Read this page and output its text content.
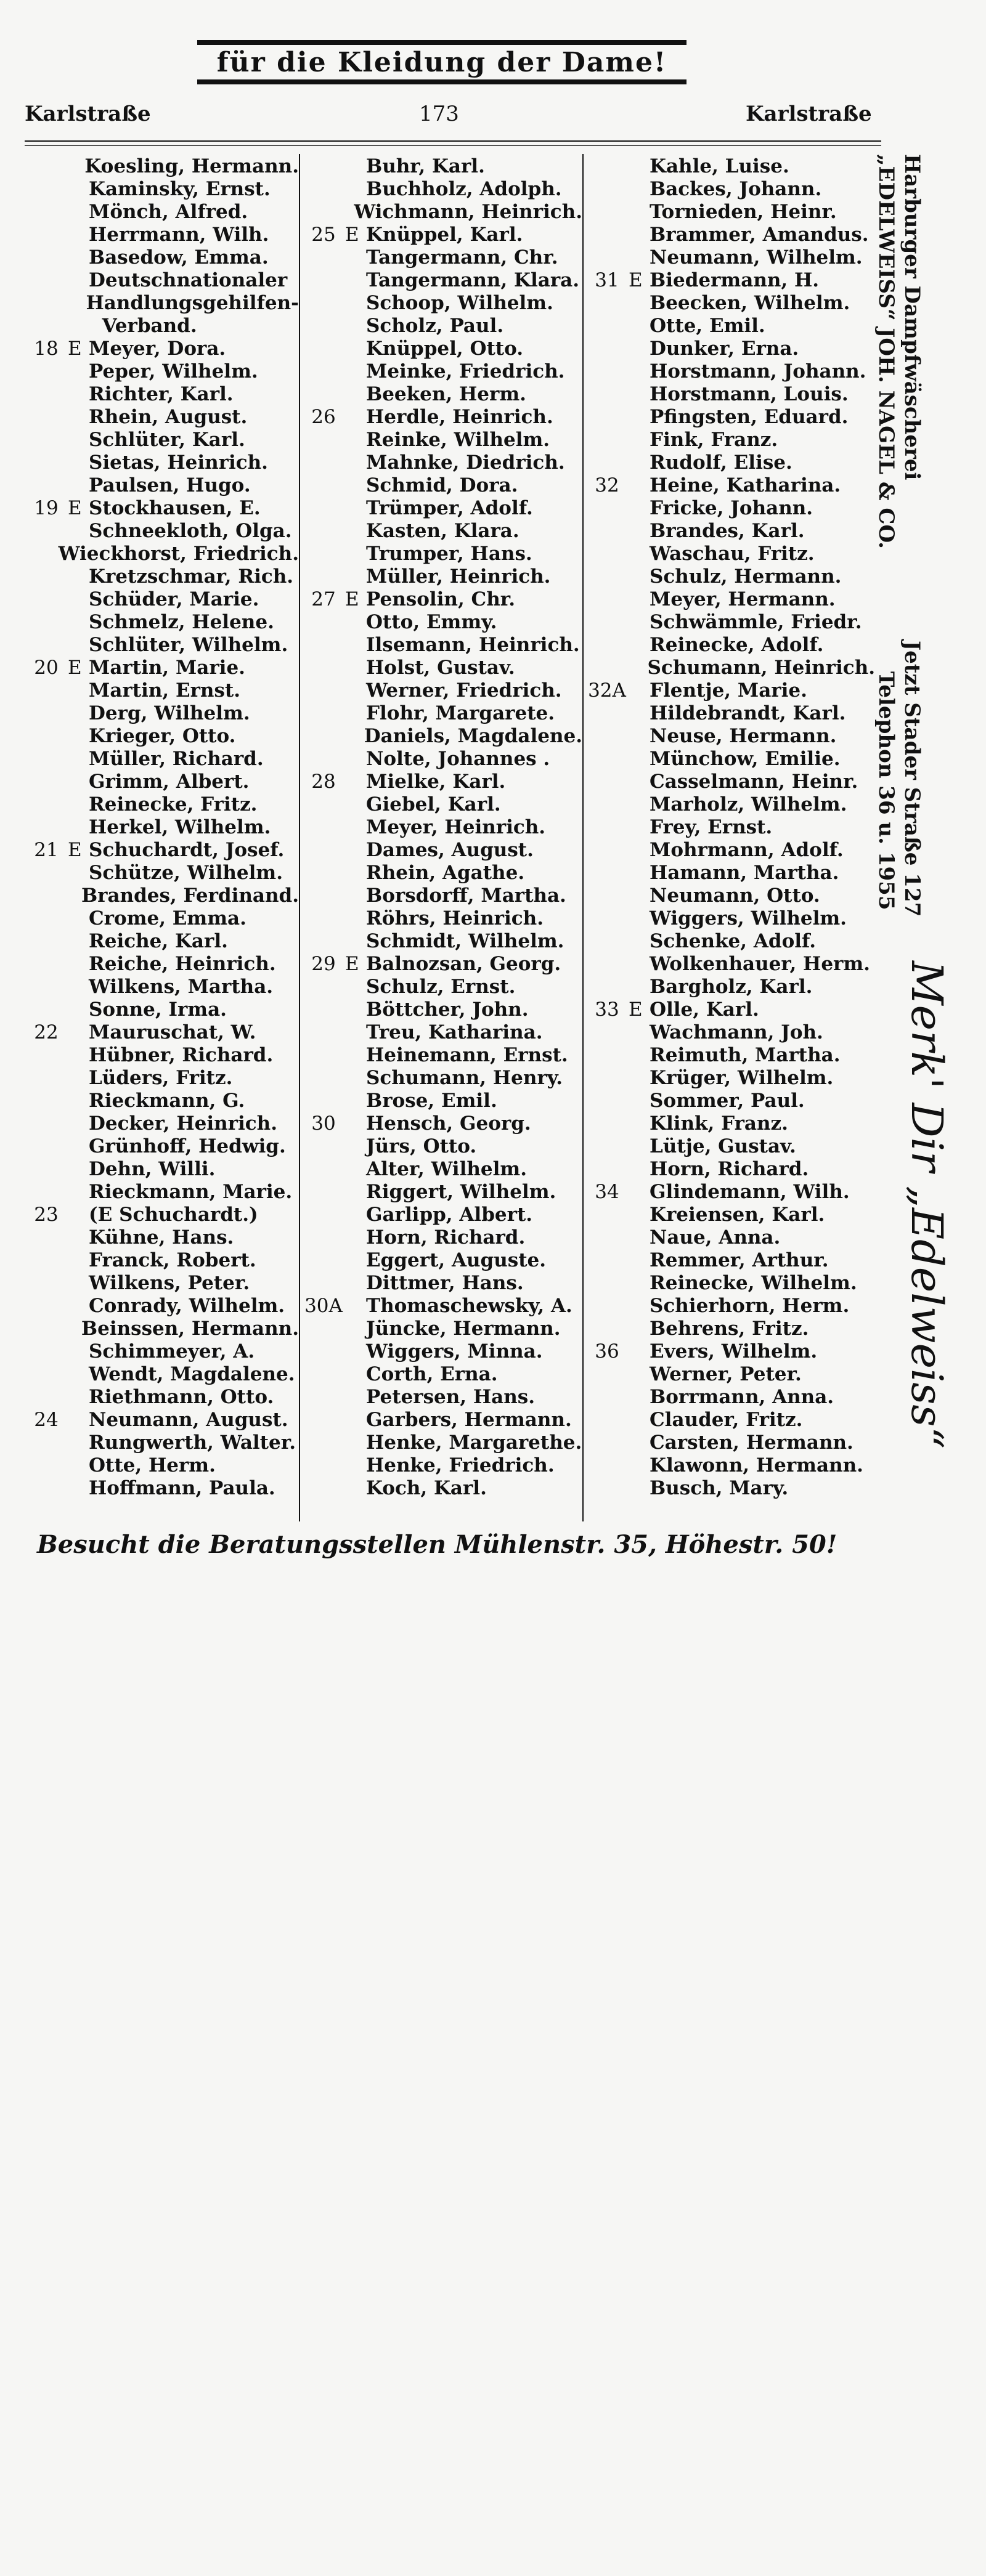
für die Kleidung der Dame!
Karlstraße	173	Karlstraße
Koesling, Hermann.
Kaminsky, Ernst.
Mönch, Alfred.
Herrmann, Wilh.
Basedow, Emma.
Deutschnationaler
Handlungsgehilfen-
Verband.
18 E Meyer, Dora.
Peper, Wilhelm.
Richter, Karl.
Rhein, August.
Schlüter, Karl.
Sietas, Heinrich.
Paulsen, Hugo.
19 E Stockhausen, E.
Schneekloth, Olga.
Wieckhorst, Friedrich.
Kretzschmar, Rich.
Schüder, Marie.
Schmelz, Helene.
Schlüter, Wilhelm.
20 E Martin, Marie.
Martin, Ernst.
Derg, Wilhelm.
Krieger, Otto.
Müller, Richard.
Grimm, Albert.
Reinecke, Fritz.
Herkel, Wilhelm.
21 E Schuchardt, Josef.
Schütze, Wilhelm.
Brandes, Ferdinand.
Crome, Emma.
Reiche, Karl.
Reiche, Heinrich.
Wilkens, Martha.
Sonne, Irma.
22	Mauruschat, W.
Hübner, Richard.
Lüders, Fritz.
Rieckmann, G.
Decker, Heinrich.
Grünhoff, Hedwig.
Dehn, Willi.
Rieckmann, Marie.
23	(E Schuchardt.)
Kühne, Hans.
Franck, Robert.
Wilkens, Peter.
Conrady, Wilhelm.
Beinssen, Hermann.
Schimmeyer, A.
Wendt, Magdalene.
Riethmann, Otto.
24	Neumann, August.
Rungwerth, Walter.
Otte, Herm.
Hoffmann, Paula.
Buhr, Karl.
Buchholz, Adolph.
Wichmann, Heinrich.
25 E Knüppel, Karl.
Tangermann, Chr.
Tangermann, Klara.
Schoop, Wilhelm.
Scholz, Paul.
Knüppel, Otto.
Meinke, Friedrich.
Beeken, Herm.
26	Herdle, Heinrich.
Reinke, Wilhelm.
Mahnke, Diedrich.
Schmid, Dora.
Trümper, Adolf.
Kasten, Klara.
Trumper, Hans.
Müller, Heinrich.
27 E Pensolin, Chr.
Otto, Emmy.
Ilsemann, Heinrich.
Holst, Gustav.
Werner, Friedrich.
Flohr, Margarete.
Daniels, Magdalene.
Nolte, Johannes .
28	Mielke, Karl.
Giebel, Karl.
Meyer, Heinrich.
Dames, August.
Rhein, Agathe.
Borsdorff, Martha.
Röhrs, Heinrich.
Schmidt, Wilhelm.
29 E Balnozsan, Georg.
Schulz, Ernst.
Böttcher, John.
Treu, Katharina.
Heinemann, Ernst.
Schumann, Henry.
Brose, Emil.
30	Hensch, Georg.
Jürs, Otto.
Alter, Wilhelm.
Riggert, Wilhelm.
Garlipp, Albert.
Horn, Richard.
Eggert, Auguste.
Dittmer, Hans.
30A Thomaschewsky, A.
Jüncke, Hermann.
Wiggers, Minna.
Corth, Erna.
Petersen, Hans.
Garbers, Hermann.
Henke, Margarethe.
Henke, Friedrich.
Koch, Karl.
Kahle, Luise.
Backes, Johann.
Tornieden, Heinr.
Brammer, Amandus.
Neumann, Wilhelm.
31 E Biedermann, H.
Beecken, Wilhelm.
Otte, Emil.
Dunker, Erna.
Horstmann, Johann.
Horstmann, Louis.
Pfingsten, Eduard.
Fink, Franz.
Rudolf, Elise.
32	Heine, Katharina.
Fricke, Johann.
Brandes, Karl.
Waschau, Fritz.
Schulz, Hermann.
Meyer, Hermann.
Schwämmle, Friedr.
Reinecke, Adolf.
Schumann, Heinrich.
32A Flentje, Marie.
Hildebrandt, Karl.
Neuse, Hermann.
Münchow, Emilie.
Casselmann, Heinr.
Marholz, Wilhelm.
Frey, Ernst.
Mohrmann, Adolf.
Hamann, Martha.
Neumann, Otto.
Wiggers, Wilhelm.
Schenke, Adolf.
Wolkenhauer, Herm.
Bargholz, Karl.
33 E Olle, Karl.
Wachmann, Joh.
Reimuth, Martha.
Krüger, Wilhelm.
Sommer, Paul.
Klink, Franz.
Lütje, Gustav.
Horn, Richard.
34	Glindemann, Wilh.
Kreiensen, Karl.
Naue, Anna.
Remmer, Arthur.
Reinecke, Wilhelm.
Schierhorn, Herm.
Behrens, Fritz.
36	Evers, Wilhelm.
Werner, Peter.
Borrmann, Anna.
Clauder, Fritz.
Carsten, Hermann.
Klawonn, Hermann.
Busch, Mary.
Harburger Dampfwäscherei
„EDELWEISS“ JOH. NAGEL & CO.
Jetzt Stader Straße 127
Telephon 36 u. 1955
Merk' Dir „Edelweiss“
Besucht die Beratungsstellen Mühlenstr. 35, Höhestr. 50!
